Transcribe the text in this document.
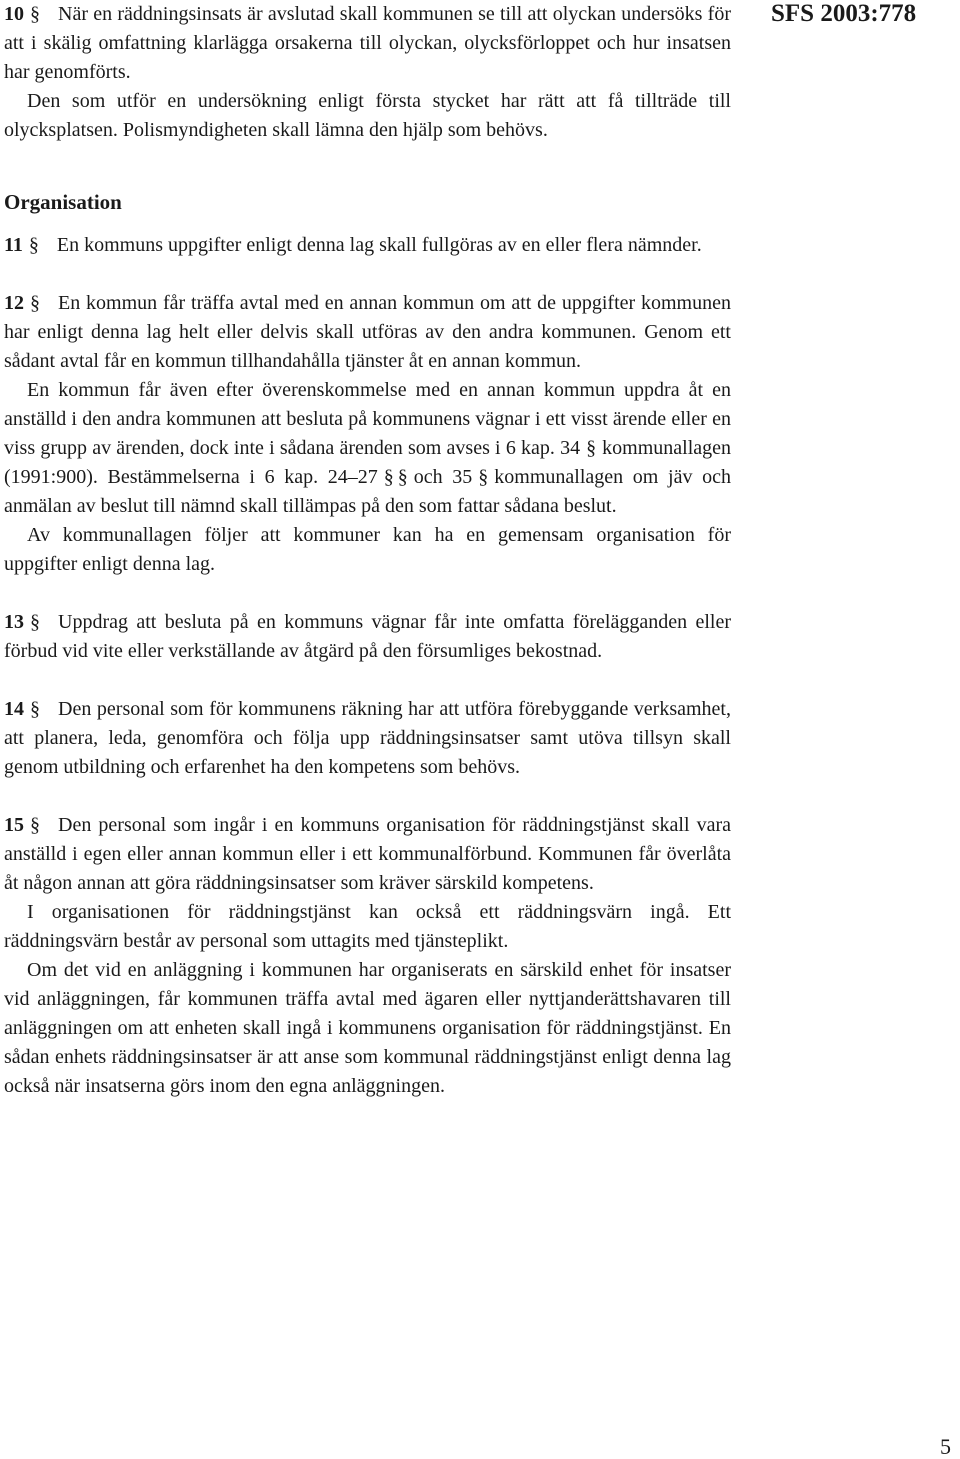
SFS 2003:778

10 § När en räddningsinsats är avslutad skall kommunen se till att olyckan undersöks för att i skälig omfattning klarlägga orsakerna till olyckan, olycksförloppet och hur insatsen har genomförts.

Den som utför en undersökning enligt första stycket har rätt att få tillträde till olycksplatsen. Polismyndigheten skall lämna den hjälp som behövs.

Organisation

11 § En kommuns uppgifter enligt denna lag skall fullgöras av en eller flera nämnder.

12 § En kommun får träffa avtal med en annan kommun om att de uppgifter kommunen har enligt denna lag helt eller delvis skall utföras av den andra kommunen. Genom ett sådant avtal får en kommun tillhandahålla tjänster åt en annan kommun.

En kommun får även efter överenskommelse med en annan kommun uppdra åt en anställd i den andra kommunen att besluta på kommunens vägnar i ett visst ärende eller en viss grupp av ärenden, dock inte i sådana ärenden som avses i 6 kap. 34 § kommunallagen (1991:900). Bestämmelserna i 6 kap. 24–27 § § och 35 § kommunallagen om jäv och anmälan av beslut till nämnd skall tillämpas på den som fattar sådana beslut.

Av kommunallagen följer att kommuner kan ha en gemensam organisation för uppgifter enligt denna lag.

13 § Uppdrag att besluta på en kommuns vägnar får inte omfatta förelägganden eller förbud vid vite eller verkställande av åtgärd på den försumliges bekostnad.

14 § Den personal som för kommunens räkning har att utföra förebyggande verksamhet, att planera, leda, genomföra och följa upp räddningsinsatser samt utöva tillsyn skall genom utbildning och erfarenhet ha den kompetens som behövs.

15 § Den personal som ingår i en kommuns organisation för räddningstjänst skall vara anställd i egen eller annan kommun eller i ett kommunalförbund. Kommunen får överlåta åt någon annan att göra räddningsinsatser som kräver särskild kompetens.

I organisationen för räddningstjänst kan också ett räddningsvärn ingå. Ett räddningsvärn består av personal som uttagits med tjänsteplikt.

Om det vid en anläggning i kommunen har organiserats en särskild enhet för insatser vid anläggningen, får kommunen träffa avtal med ägaren eller nyttjanderättshavaren till anläggningen om att enheten skall ingå i kommunens organisation för räddningstjänst. En sådan enhets räddningsinsatser är att anse som kommunal räddningstjänst enligt denna lag också när insatserna görs inom den egna anläggningen.

5
